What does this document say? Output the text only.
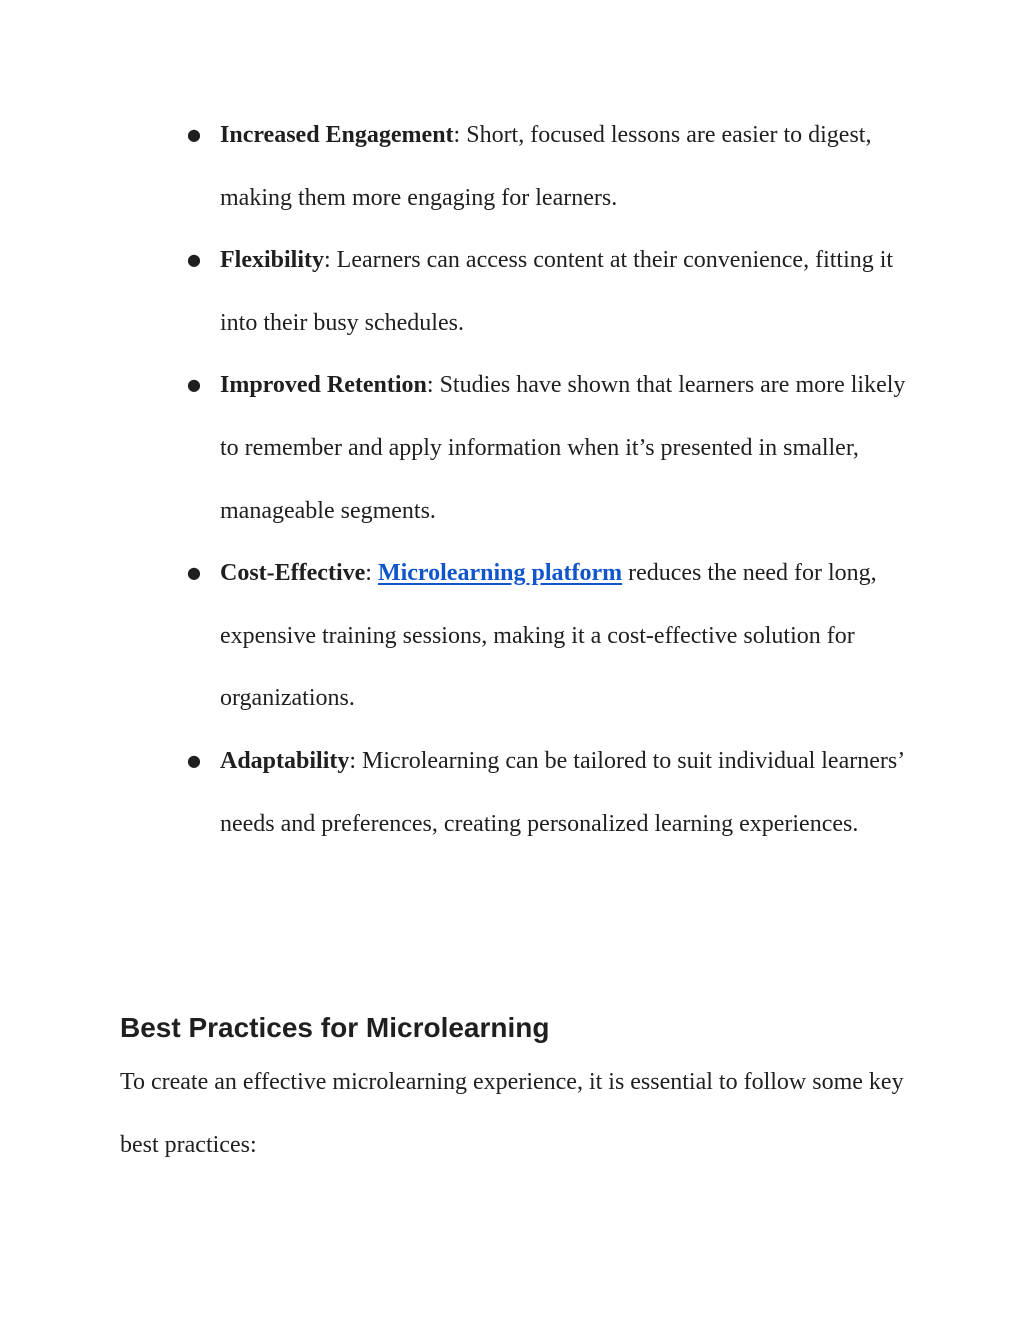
● Increased Engagement: Short, focused lessons are easier to digest, making them more engaging for learners.
● Flexibility: Learners can access content at their convenience, fitting it into their busy schedules.
● Improved Retention: Studies have shown that learners are more likely to remember and apply information when it’s presented in smaller, manageable segments.
● Cost-Effective: Microlearning platform reduces the need for long, expensive training sessions, making it a cost-effective solution for organizations.
● Adaptability: Microlearning can be tailored to suit individual learners’ needs and preferences, creating personalized learning experiences.
Best Practices for Microlearning

To create an effective microlearning experience, it is essential to follow some key best practices:
